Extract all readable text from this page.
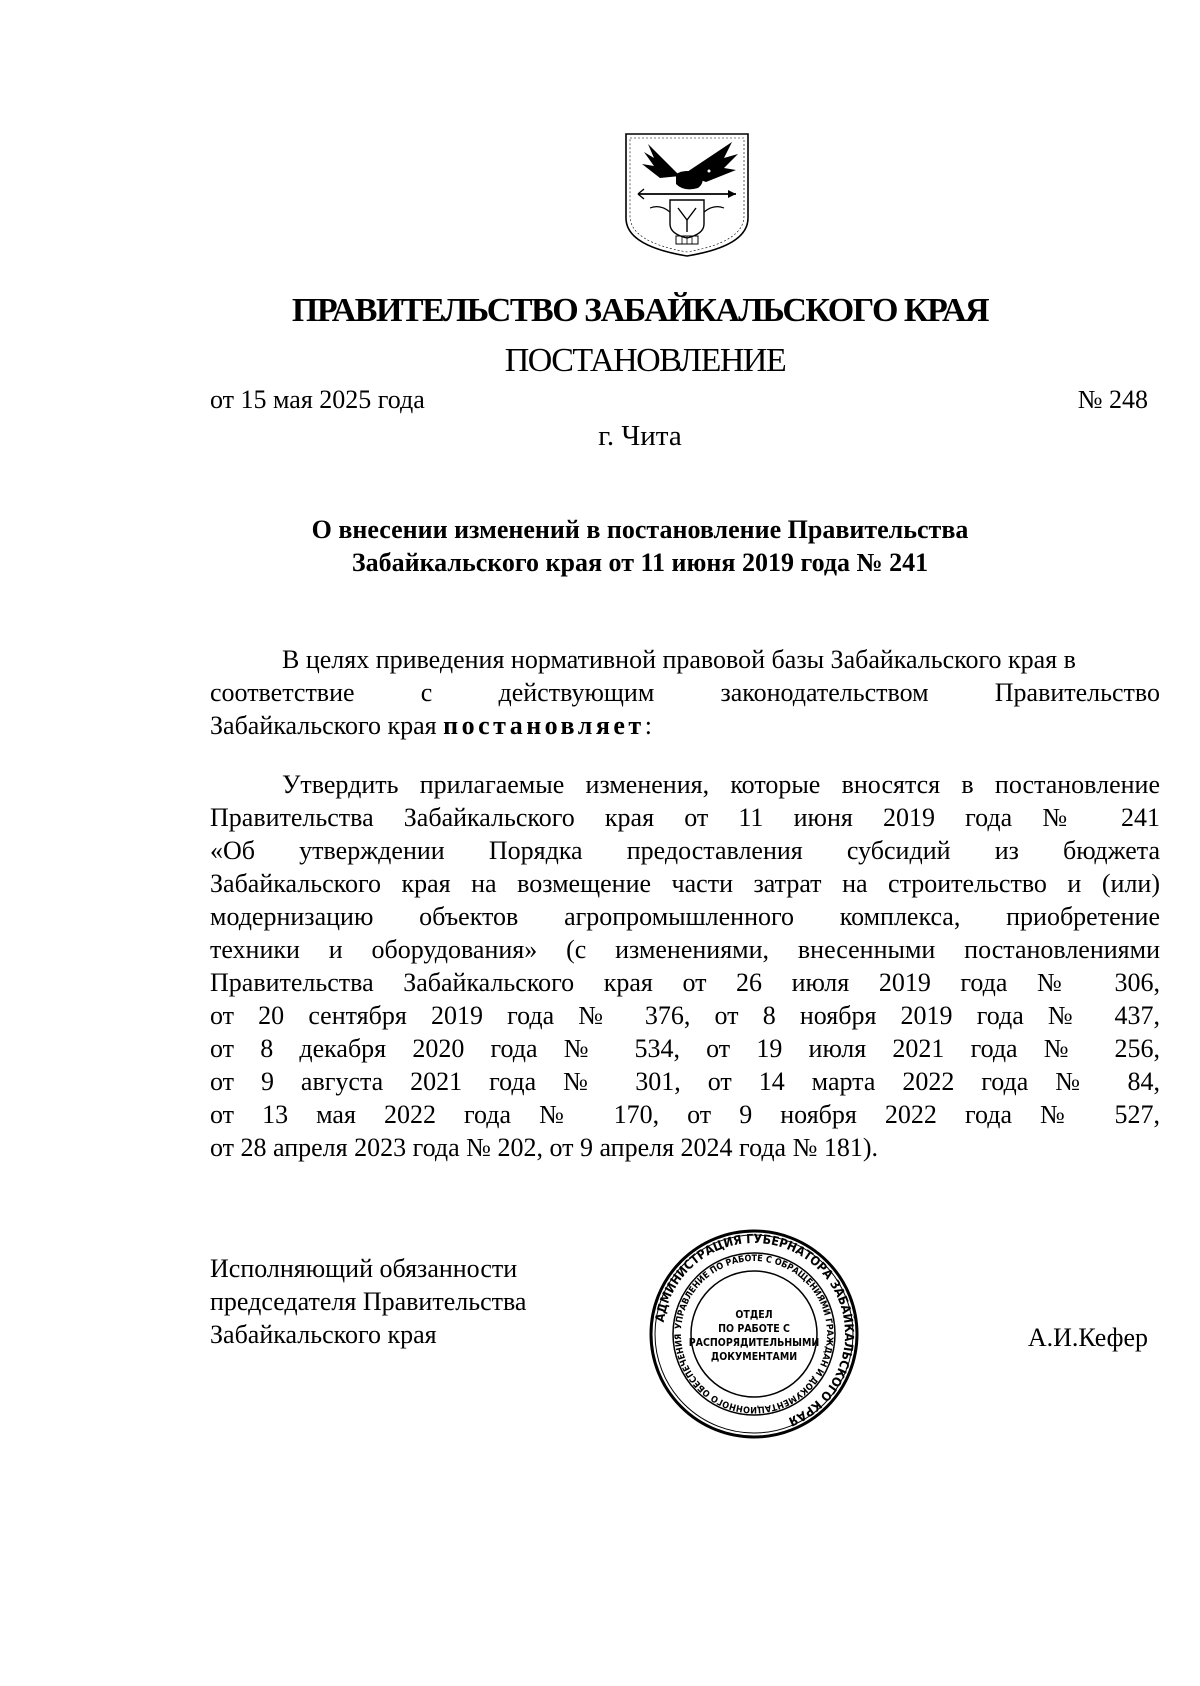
ПРАВИТЕЛЬСТВО ЗАБАЙКАЛЬСКОГО КРАЯ
ПОСТАНОВЛЕНИЕ
от 15 мая 2025 года	№ 248
г. Чита
О внесении изменений в постановление Правительства
Забайкальского края от 11 июня 2019 года № 241
В целях приведения нормативной правовой базы Забайкальского края в
соответствие с действующим законодательством Правительство
Забайкальского края постановляет:
Утвердить прилагаемые изменения, которые вносятся в постановление
Правительства Забайкальского края от 11 июня 2019 года № 241
«Об утверждении Порядка предоставления субсидий из бюджета
Забайкальского края на возмещение части затрат на строительство и (или)
модернизацию объектов агропромышленного комплекса, приобретение
техники и оборудования» (с изменениями, внесенными постановлениями
Правительства Забайкальского края от 26 июля 2019 года № 306,
от 20 сентября 2019 года № 376, от 8 ноября 2019 года № 437,
от 8 декабря 2020 года № 534, от 19 июля 2021 года № 256,
от 9 августа 2021 года № 301, от 14 марта 2022 года № 84,
от 13 мая 2022 года № 170, от 9 ноября 2022 года № 527,
от 28 апреля 2023 года № 202, от 9 апреля 2024 года № 181).
Исполняющий обязанности
председателя Правительства
Забайкальского края	А.И.Кефер
АДМИНИСТРАЦИЯ ГУБЕРНАТОРА ЗАБАЙКАЛЬСКОГО КРАЯ
УПРАВЛЕНИЕ ПО РАБОТЕ С ОБРАЩЕНИЯМИ ГРАЖДАН И ДОКУМЕНТАЦИОННОГО ОБЕСПЕЧЕНИЯ
ОТДЕЛ
ПО РАБОТЕ С
РАСПОРЯДИТЕЛЬНЫМИ
ДОКУМЕНТАМИ
